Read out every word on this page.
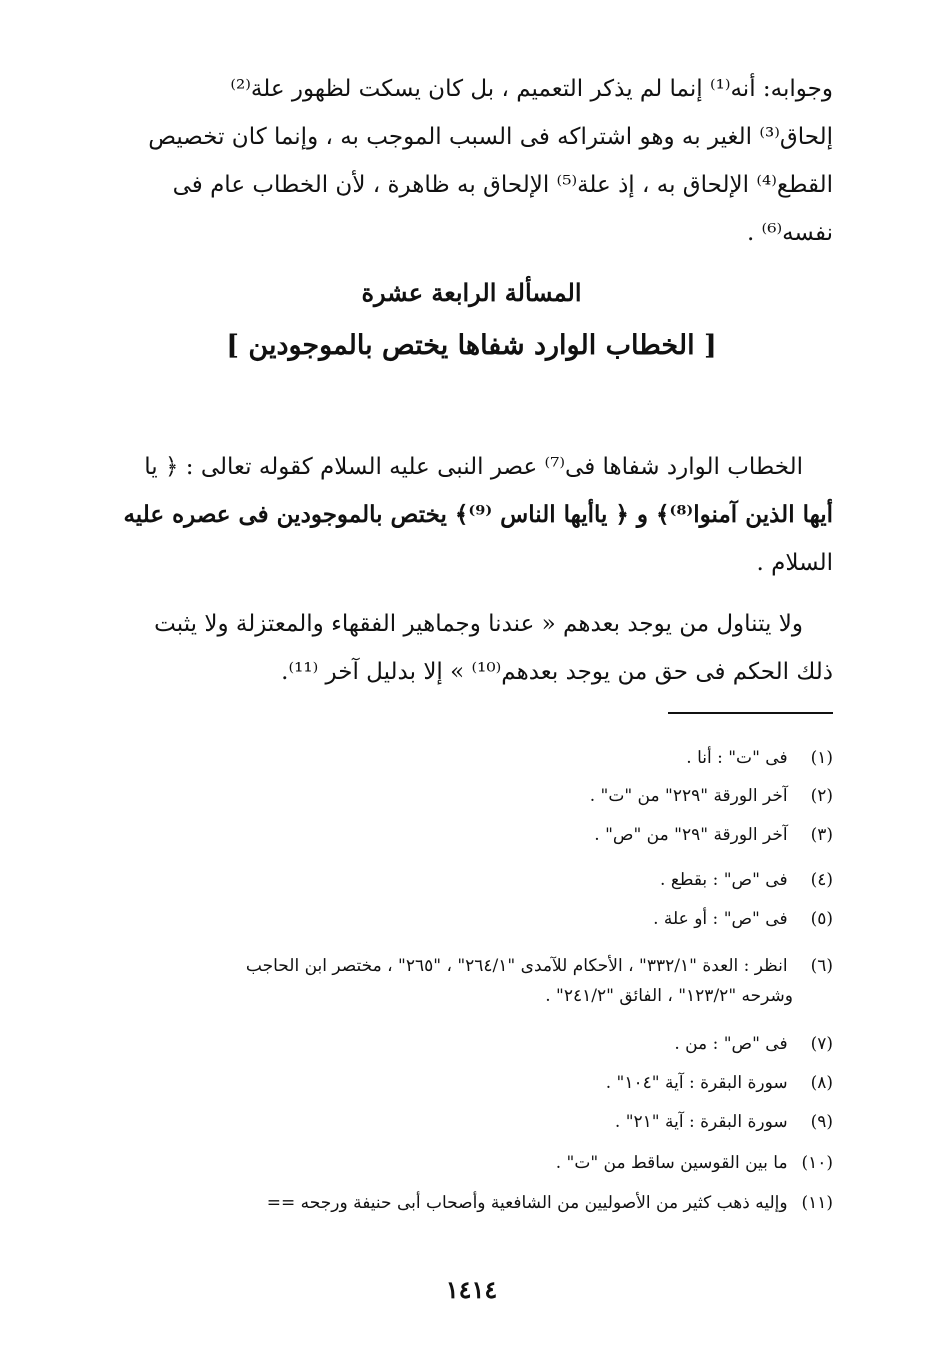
وجوابه: أنه⁽¹⁾ إنما لم يذكر التعميم ، بل كان يسكت لظهور علة⁽²⁾
إلحاق⁽³⁾ الغير به وهو اشتراكه فى السبب الموجب به ، وإنما كان تخصيص
القطع⁽⁴⁾ الإلحاق به ، إذ علة⁽⁵⁾ الإلحاق به ظاهرة ، لأن الخطاب عام فى
نفسه⁽⁶⁾ .
المسألة الرابعة عشرة
[ الخطاب الوارد شفاها يختص بالموجودين ]
الخطاب الوارد شفاها فى⁽⁷⁾ عصر النبى عليه السلام كقوله تعالى : ﴿ يا
أيها الذين آمنوا⁽⁸⁾﴾ و ﴿ ياأيها الناس ⁽⁹⁾﴾ يختص بالموجودين فى عصره عليه
السلام .
ولا يتناول من يوجد بعدهم « عندنا وجماهير الفقهاء والمعتزلة ولا يثبت
ذلك الحكم فى حق من يوجد بعدهم⁽¹⁰⁾ » إلا بدليل آخر ⁽¹¹⁾.
(١) فى "ت" : أنا .
(٢) آخر الورقة "٢٢٩" من "ت" .
(٣) آخر الورقة "٢٩" من "ص" .
(٤) فى "ص" : بقطع .
(٥) فى "ص" : أو علة .
(٦) انظر : العدة "٣٣٢/١" ، الأحكام للآمدى "٢٦٤/١" ، "٢٦٥" ، مختصر ابن الحاجب
وشرحه "١٢٣/٢" ، الفائق "٢٤١/٢" .
(٧) فى "ص" : من .
(٨) سورة البقرة : آية "١٠٤" .
(٩) سورة البقرة : آية "٢١" .
(١٠) ما بين القوسين ساقط من "ت" .
(١١) وإليه ذهب كثير من الأصوليين من الشافعية وأصحاب أبى حنيفة ورجحه ==
١٤١٤
